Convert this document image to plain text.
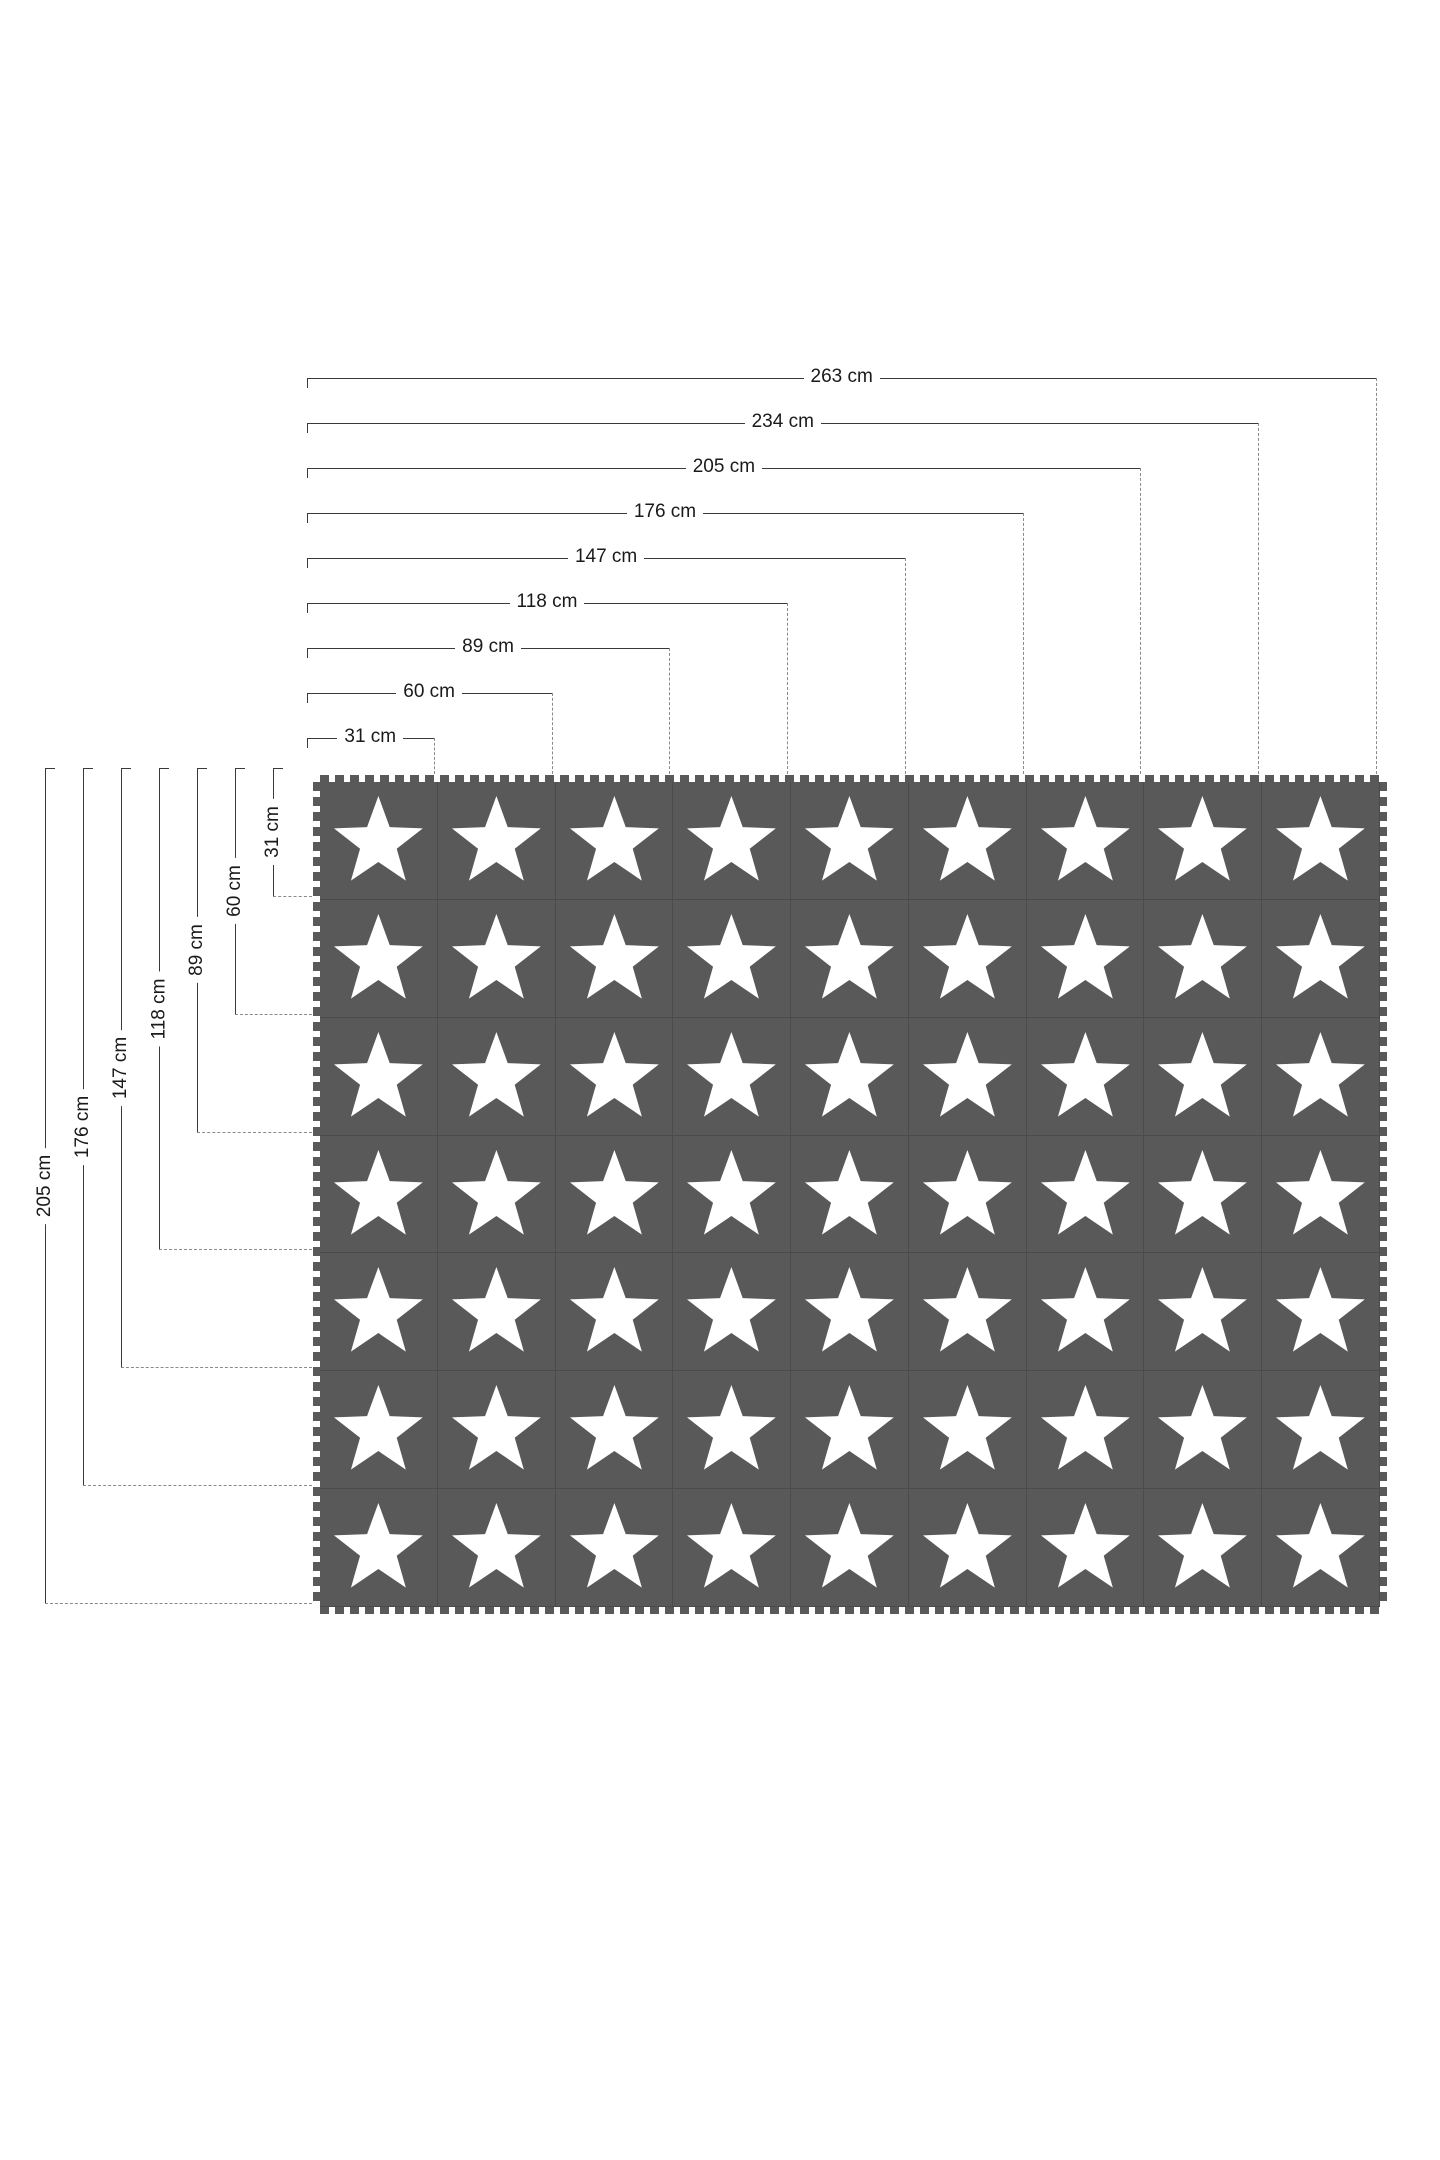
31 cm
60 cm
89 cm
118 cm
147 cm
176 cm
205 cm
234 cm
263 cm
31 cm
60 cm
89 cm
118 cm
147 cm
176 cm
205 cm
